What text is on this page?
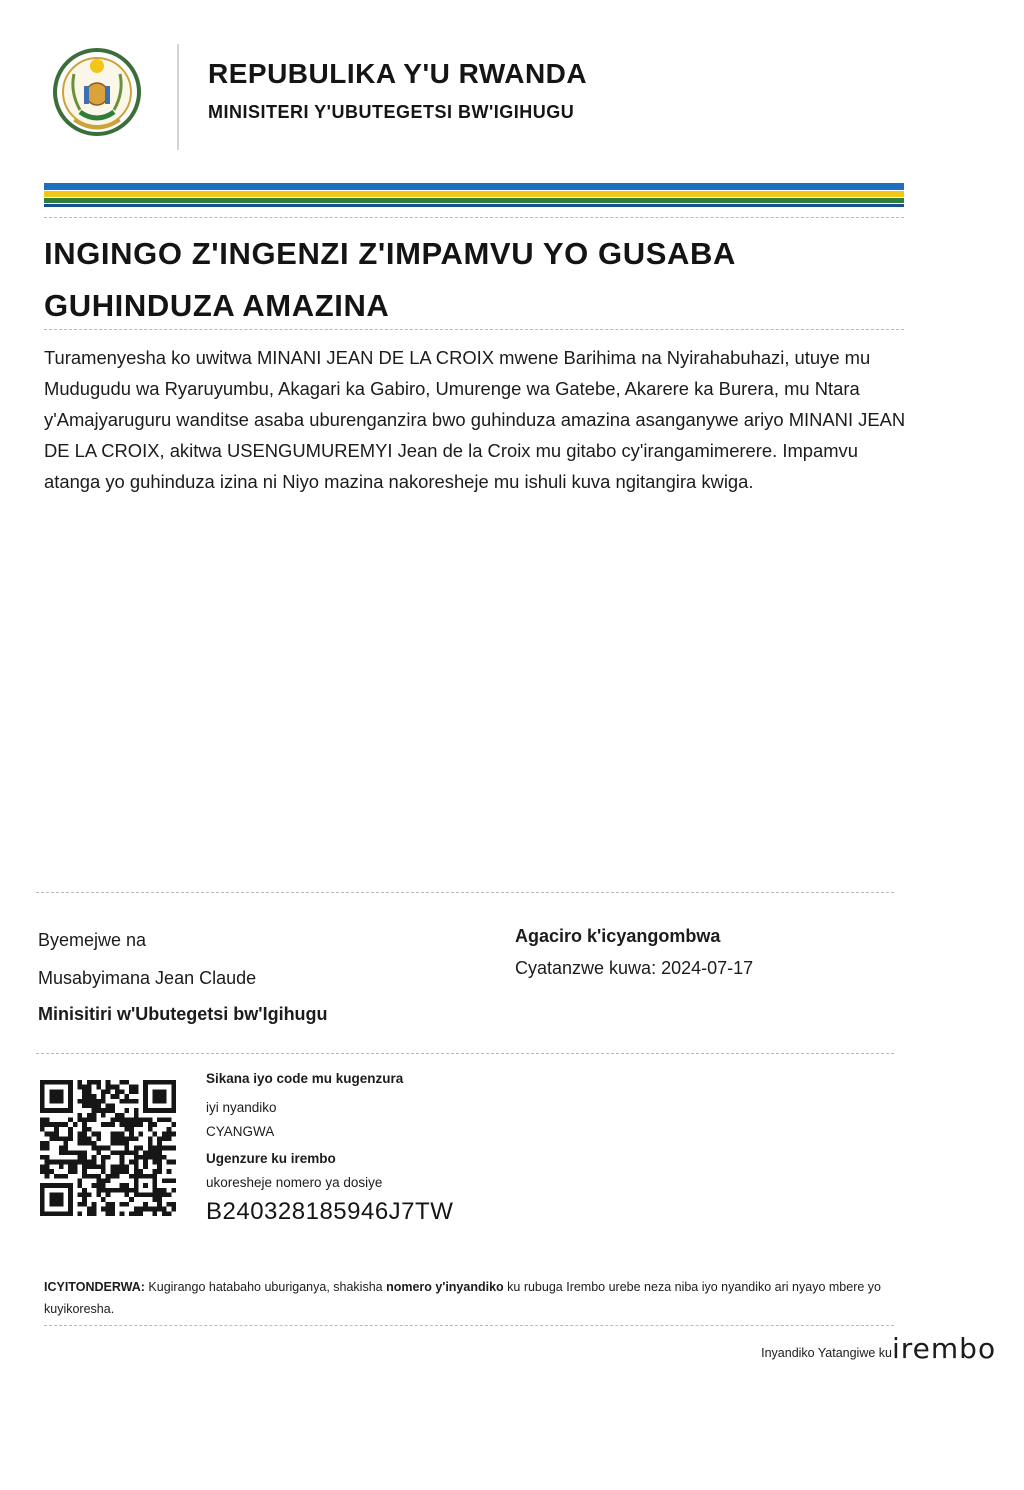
REPUBULIKA Y'U RWANDA
MINISITERI Y'UBUTEGETSI BW'IGIHUGU
INGINGO Z'INGENZI Z'IMPAMVU YO GUSABA
GUHINDUZA AMAZINA
Turamenyesha ko uwitwa MINANI JEAN DE LA CROIX mwene Barihima na Nyirahabuhazi, utuye mu Mudugudu wa Ryaruyumbu, Akagari ka Gabiro, Umurenge wa Gatebe, Akarere ka Burera, mu Ntara y'Amajyaruguru wanditse asaba uburenganzira bwo guhinduza amazina asanganywe ariyo MINANI JEAN DE LA CROIX, akitwa USENGUMUREMYI Jean de la Croix mu gitabo cy'irangamimerere. Impamvu atanga yo guhinduza izina ni Niyo mazina nakoresheje mu ishuli kuva ngitangira kwiga.
Byemejwe na
Musabyimana Jean Claude
Minisitiri w'Ubutegetsi bw'Igihugu
Agaciro k'icyangombwa
Cyatanzwe kuwa: 2024-07-17
Sikana iyo code mu kugenzura
iyi nyandiko
CYANGWA
Ugenzure ku irembo
ukoresheje nomero ya dosiye
B240328185946J7TW
ICYITONDERWA: Kugirango hatabaho uburiganya, shakisha nomero y'inyandiko ku rubuga Irembo urebe neza niba iyo nyandiko ari nyayo mbere yo kuyikoresha.
Inyandiko Yatangiwe ku irembo
